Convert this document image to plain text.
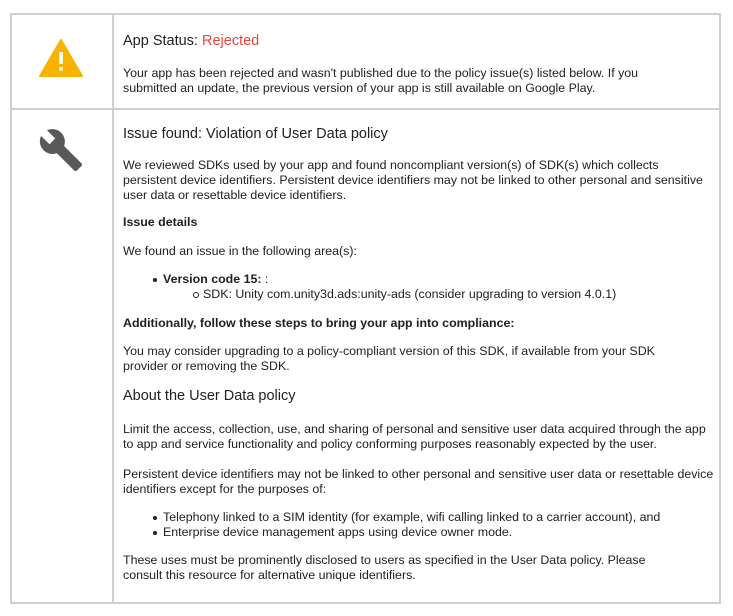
App Status: Rejected

Your app has been rejected and wasn't published due to the policy issue(s) listed below. If you submitted an update, the previous version of your app is still available on Google Play.

Issue found: Violation of User Data policy

We reviewed SDKs used by your app and found noncompliant version(s) of SDK(s) which collects persistent device identifiers. Persistent device identifiers may not be linked to other personal and sensitive user data or resettable device identifiers.

Issue details

We found an issue in the following area(s):

Version code 15: :
SDK: Unity com.unity3d.ads:unity-ads (consider upgrading to version 4.0.1)

Additionally, follow these steps to bring your app into compliance:

You may consider upgrading to a policy-compliant version of this SDK, if available from your SDK provider or removing the SDK.

About the User Data policy

Limit the access, collection, use, and sharing of personal and sensitive user data acquired through the app to app and service functionality and policy conforming purposes reasonably expected by the user.

Persistent device identifiers may not be linked to other personal and sensitive user data or resettable device identifiers except for the purposes of:

Telephony linked to a SIM identity (for example, wifi calling linked to a carrier account), and
Enterprise device management apps using device owner mode.

These uses must be prominently disclosed to users as specified in the User Data policy. Please consult this resource for alternative unique identifiers.
